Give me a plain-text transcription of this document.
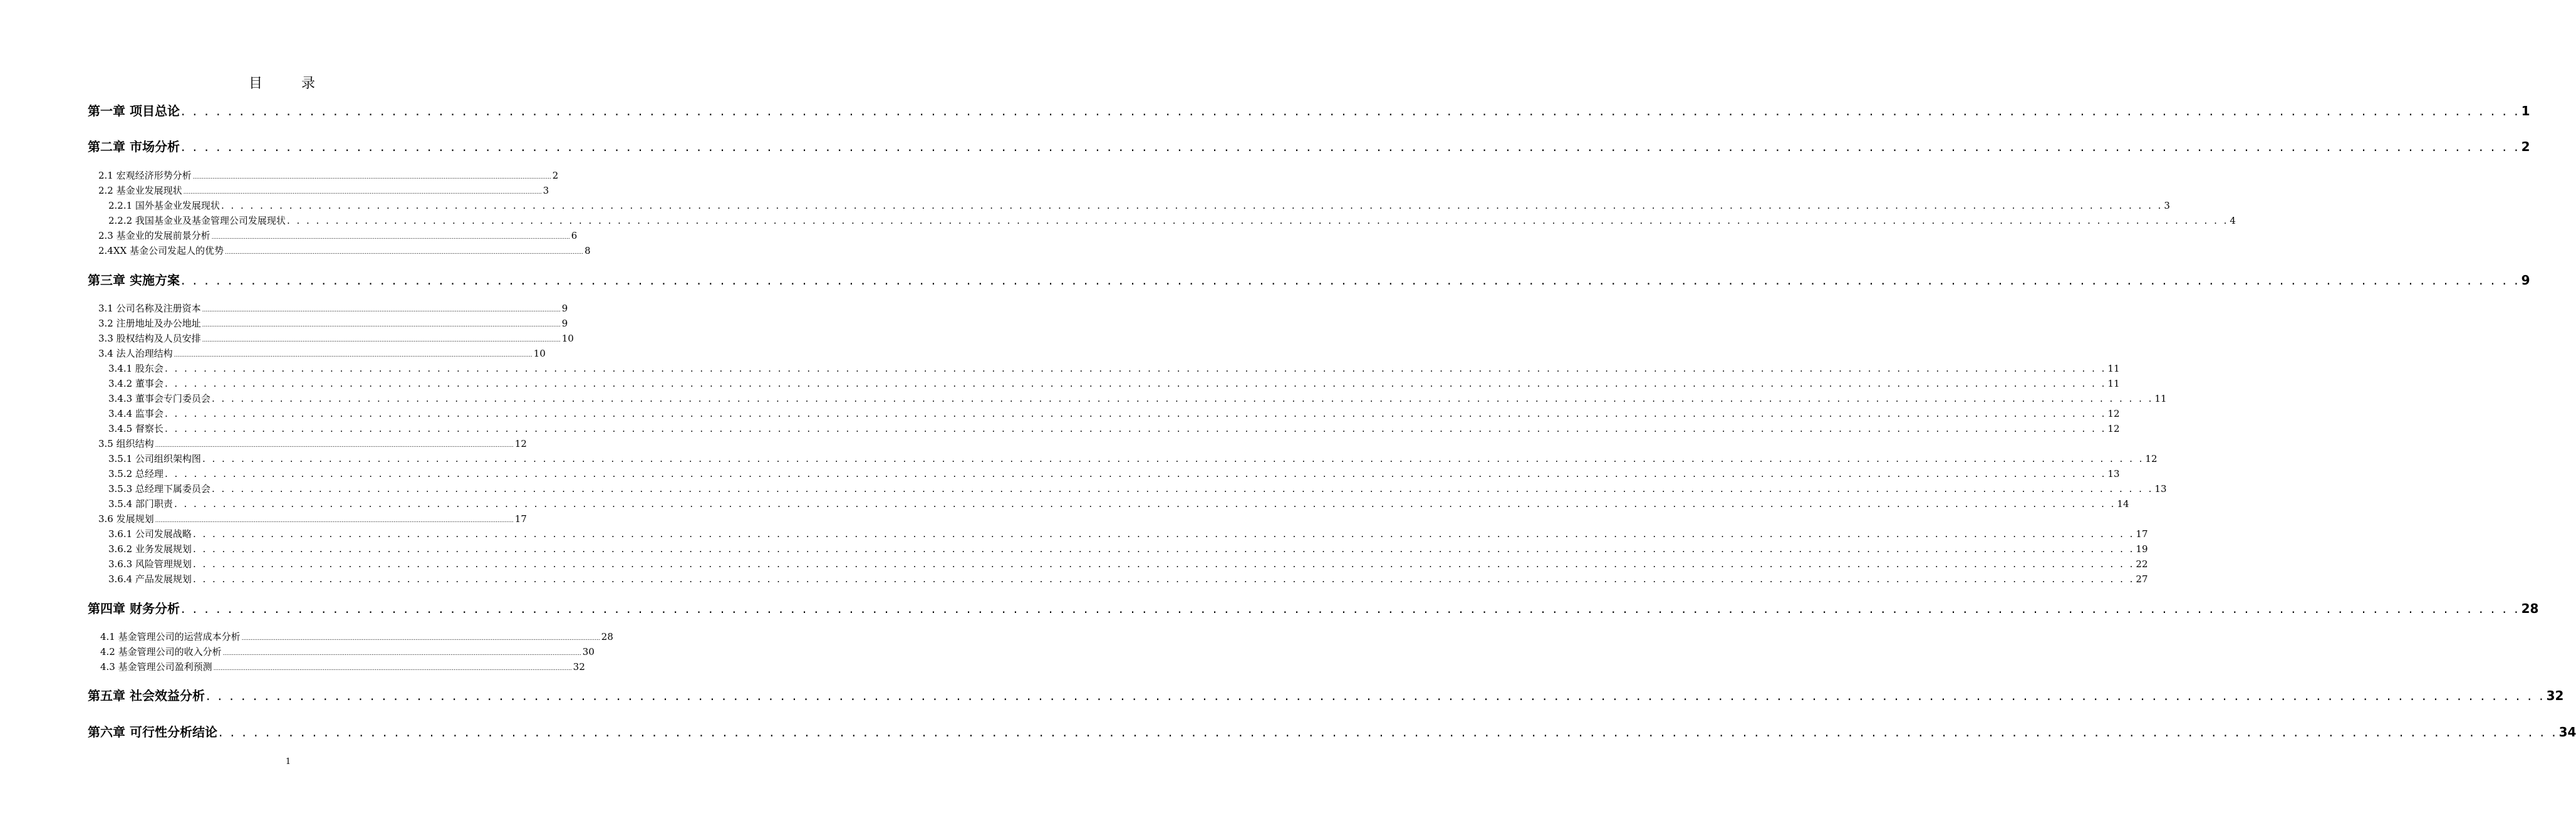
目　录
第一章 项目总论 . . . . . . . . . . . . . . . . . . . . . . . . . . . . . . . . . . . . . . . . . . . . . . . . . . . . . . . . . . . . . . . . . . . . . . . . . . . . . . . . . . . . . . . . . . . . . . . . . . . . . . . . . . . . . . . . . . . . . . . . . . . . . . . . . . . . . . . . . . . . . . . . . . . . . . . . . . . . . . . . . . . . . . . . . . . . . . . . . . . . . . . . . . . . . . . . . . . . . . . . 1
第二章 市场分析 . . . . . . . . . . . . . . . . . . . . . . . . . . . . . . . . . . . . . . . . . . . . . . . . . . . . . . . . . . . . . . . . . . . . . . . . . . . . . . . . . . . . . . . . . . . . . . . . . . . . . . . . . . . . . . . . . . . . . . . . . . . . . . . . . . . . . . . . . . . . . . . . . . . . . . . . . . . . . . . . . . . . . . . . . . . . . . . . . . . . . . . . . . . . . . . . . . . . . . . . 2
2.1 宏观经济形势分析 ........................................................................................................................................................................................................ 2
2.2 基金业发展现状 ........................................................................................................................................................................................................ 3
2.2.1 国外基金业发展现状 . . . . . . . . . . . . . . . . . . . . . . . . . . . . . . . . . . . . . . . . . . . . . . . . . . . . . . . . . . . . . . . . . . . . . . . . . . . . . . . . . . . . . . . . . . . . . . . . . . . . . . . . . . . . . . . . . . . . . . . . . . . . . . . . . . . . . . . . . . . . . . . . . . . . . . . . . . . . . . . . . . . . . . . . . . . . . . . . . . . . . . . . . . . . . . . . . . . . . . . . 3
2.2.2 我国基金业及基金管理公司发展现状 . . . . . . . . . . . . . . . . . . . . . . . . . . . . . . . . . . . . . . . . . . . . . . . . . . . . . . . . . . . . . . . . . . . . . . . . . . . . . . . . . . . . . . . . . . . . . . . . . . . . . . . . . . . . . . . . . . . . . . . . . . . . . . . . . . . . . . . . . . . . . . . . . . . . . . . . . . . . . . . . . . . . . . . . . . . . . . . . . . . . . . . . . . . . . . . . . . . . . . . . 4
2.3 基金业的发展前景分析 ........................................................................................................................................................................................................ 6
2.4XX 基金公司发起人的优势 ........................................................................................................................................................................................................ 8
第三章 实施方案 . . . . . . . . . . . . . . . . . . . . . . . . . . . . . . . . . . . . . . . . . . . . . . . . . . . . . . . . . . . . . . . . . . . . . . . . . . . . . . . . . . . . . . . . . . . . . . . . . . . . . . . . . . . . . . . . . . . . . . . . . . . . . . . . . . . . . . . . . . . . . . . . . . . . . . . . . . . . . . . . . . . . . . . . . . . . . . . . . . . . . . . . . . . . . . . . . . . . . . . . 9
3.1 公司名称及注册资本 ........................................................................................................................................................................................................ 9
3.2 注册地址及办公地址 ........................................................................................................................................................................................................ 9
3.3 股权结构及人员安排 ........................................................................................................................................................................................................ 10
3.4 法人治理结构 ........................................................................................................................................................................................................ 10
3.4.1 股东会 . . . . . . . . . . . . . . . . . . . . . . . . . . . . . . . . . . . . . . . . . . . . . . . . . . . . . . . . . . . . . . . . . . . . . . . . . . . . . . . . . . . . . . . . . . . . . . . . . . . . . . . . . . . . . . . . . . . . . . . . . . . . . . . . . . . . . . . . . . . . . . . . . . . . . . . . . . . . . . . . . . . . . . . . . . . . . . . . . . . . . . . . . . . . . . . . . . . . . . . . 11
3.4.2 董事会 . . . . . . . . . . . . . . . . . . . . . . . . . . . . . . . . . . . . . . . . . . . . . . . . . . . . . . . . . . . . . . . . . . . . . . . . . . . . . . . . . . . . . . . . . . . . . . . . . . . . . . . . . . . . . . . . . . . . . . . . . . . . . . . . . . . . . . . . . . . . . . . . . . . . . . . . . . . . . . . . . . . . . . . . . . . . . . . . . . . . . . . . . . . . . . . . . . . . . . . . 11
3.4.3 董事会专门委员会 . . . . . . . . . . . . . . . . . . . . . . . . . . . . . . . . . . . . . . . . . . . . . . . . . . . . . . . . . . . . . . . . . . . . . . . . . . . . . . . . . . . . . . . . . . . . . . . . . . . . . . . . . . . . . . . . . . . . . . . . . . . . . . . . . . . . . . . . . . . . . . . . . . . . . . . . . . . . . . . . . . . . . . . . . . . . . . . . . . . . . . . . . . . . . . . . . . . . . . . . 11
3.4.4 监事会 . . . . . . . . . . . . . . . . . . . . . . . . . . . . . . . . . . . . . . . . . . . . . . . . . . . . . . . . . . . . . . . . . . . . . . . . . . . . . . . . . . . . . . . . . . . . . . . . . . . . . . . . . . . . . . . . . . . . . . . . . . . . . . . . . . . . . . . . . . . . . . . . . . . . . . . . . . . . . . . . . . . . . . . . . . . . . . . . . . . . . . . . . . . . . . . . . . . . . . . . 12
3.4.5 督察长 . . . . . . . . . . . . . . . . . . . . . . . . . . . . . . . . . . . . . . . . . . . . . . . . . . . . . . . . . . . . . . . . . . . . . . . . . . . . . . . . . . . . . . . . . . . . . . . . . . . . . . . . . . . . . . . . . . . . . . . . . . . . . . . . . . . . . . . . . . . . . . . . . . . . . . . . . . . . . . . . . . . . . . . . . . . . . . . . . . . . . . . . . . . . . . . . . . . . . . . . 12
3.5 组织结构 ........................................................................................................................................................................................................ 12
3.5.1 公司组织架构图 . . . . . . . . . . . . . . . . . . . . . . . . . . . . . . . . . . . . . . . . . . . . . . . . . . . . . . . . . . . . . . . . . . . . . . . . . . . . . . . . . . . . . . . . . . . . . . . . . . . . . . . . . . . . . . . . . . . . . . . . . . . . . . . . . . . . . . . . . . . . . . . . . . . . . . . . . . . . . . . . . . . . . . . . . . . . . . . . . . . . . . . . . . . . . . . . . . . . . . . . 12
3.5.2 总经理 . . . . . . . . . . . . . . . . . . . . . . . . . . . . . . . . . . . . . . . . . . . . . . . . . . . . . . . . . . . . . . . . . . . . . . . . . . . . . . . . . . . . . . . . . . . . . . . . . . . . . . . . . . . . . . . . . . . . . . . . . . . . . . . . . . . . . . . . . . . . . . . . . . . . . . . . . . . . . . . . . . . . . . . . . . . . . . . . . . . . . . . . . . . . . . . . . . . . . . . . 13
3.5.3 总经理下属委员会 . . . . . . . . . . . . . . . . . . . . . . . . . . . . . . . . . . . . . . . . . . . . . . . . . . . . . . . . . . . . . . . . . . . . . . . . . . . . . . . . . . . . . . . . . . . . . . . . . . . . . . . . . . . . . . . . . . . . . . . . . . . . . . . . . . . . . . . . . . . . . . . . . . . . . . . . . . . . . . . . . . . . . . . . . . . . . . . . . . . . . . . . . . . . . . . . . . . . . . . . 13
3.5.4 部门职责 . . . . . . . . . . . . . . . . . . . . . . . . . . . . . . . . . . . . . . . . . . . . . . . . . . . . . . . . . . . . . . . . . . . . . . . . . . . . . . . . . . . . . . . . . . . . . . . . . . . . . . . . . . . . . . . . . . . . . . . . . . . . . . . . . . . . . . . . . . . . . . . . . . . . . . . . . . . . . . . . . . . . . . . . . . . . . . . . . . . . . . . . . . . . . . . . . . . . . . . . 14
3.6 发展规划 ........................................................................................................................................................................................................ 17
3.6.1 公司发展战略 . . . . . . . . . . . . . . . . . . . . . . . . . . . . . . . . . . . . . . . . . . . . . . . . . . . . . . . . . . . . . . . . . . . . . . . . . . . . . . . . . . . . . . . . . . . . . . . . . . . . . . . . . . . . . . . . . . . . . . . . . . . . . . . . . . . . . . . . . . . . . . . . . . . . . . . . . . . . . . . . . . . . . . . . . . . . . . . . . . . . . . . . . . . . . . . . . . . . . . . . 17
3.6.2 业务发展规划 . . . . . . . . . . . . . . . . . . . . . . . . . . . . . . . . . . . . . . . . . . . . . . . . . . . . . . . . . . . . . . . . . . . . . . . . . . . . . . . . . . . . . . . . . . . . . . . . . . . . . . . . . . . . . . . . . . . . . . . . . . . . . . . . . . . . . . . . . . . . . . . . . . . . . . . . . . . . . . . . . . . . . . . . . . . . . . . . . . . . . . . . . . . . . . . . . . . . . . . . 19
3.6.3 风险管理规划 . . . . . . . . . . . . . . . . . . . . . . . . . . . . . . . . . . . . . . . . . . . . . . . . . . . . . . . . . . . . . . . . . . . . . . . . . . . . . . . . . . . . . . . . . . . . . . . . . . . . . . . . . . . . . . . . . . . . . . . . . . . . . . . . . . . . . . . . . . . . . . . . . . . . . . . . . . . . . . . . . . . . . . . . . . . . . . . . . . . . . . . . . . . . . . . . . . . . . . . . 22
3.6.4 产品发展规划 . . . . . . . . . . . . . . . . . . . . . . . . . . . . . . . . . . . . . . . . . . . . . . . . . . . . . . . . . . . . . . . . . . . . . . . . . . . . . . . . . . . . . . . . . . . . . . . . . . . . . . . . . . . . . . . . . . . . . . . . . . . . . . . . . . . . . . . . . . . . . . . . . . . . . . . . . . . . . . . . . . . . . . . . . . . . . . . . . . . . . . . . . . . . . . . . . . . . . . . . 27
第四章 财务分析 . . . . . . . . . . . . . . . . . . . . . . . . . . . . . . . . . . . . . . . . . . . . . . . . . . . . . . . . . . . . . . . . . . . . . . . . . . . . . . . . . . . . . . . . . . . . . . . . . . . . . . . . . . . . . . . . . . . . . . . . . . . . . . . . . . . . . . . . . . . . . . . . . . . . . . . . . . . . . . . . . . . . . . . . . . . . . . . . . . . . . . . . . . . . . . . . . . . . . . . . 28
4.1 基金管理公司的运营成本分析 ........................................................................................................................................................................................................ 28
4.2 基金管理公司的收入分析 ........................................................................................................................................................................................................ 30
4.3 基金管理公司盈利预测 ........................................................................................................................................................................................................ 32
第五章 社会效益分析 . . . . . . . . . . . . . . . . . . . . . . . . . . . . . . . . . . . . . . . . . . . . . . . . . . . . . . . . . . . . . . . . . . . . . . . . . . . . . . . . . . . . . . . . . . . . . . . . . . . . . . . . . . . . . . . . . . . . . . . . . . . . . . . . . . . . . . . . . . . . . . . . . . . . . . . . . . . . . . . . . . . . . . . . . . . . . . . . . . . . . . . . . . . . . . . . . . . . . . . . 32
第六章 可行性分析结论 . . . . . . . . . . . . . . . . . . . . . . . . . . . . . . . . . . . . . . . . . . . . . . . . . . . . . . . . . . . . . . . . . . . . . . . . . . . . . . . . . . . . . . . . . . . . . . . . . . . . . . . . . . . . . . . . . . . . . . . . . . . . . . . . . . . . . . . . . . . . . . . . . . . . . . . . . . . . . . . . . . . . . . . . . . . . . . . . . . . . . . . . . . . . . . . . . . . . . . . . 34
1
